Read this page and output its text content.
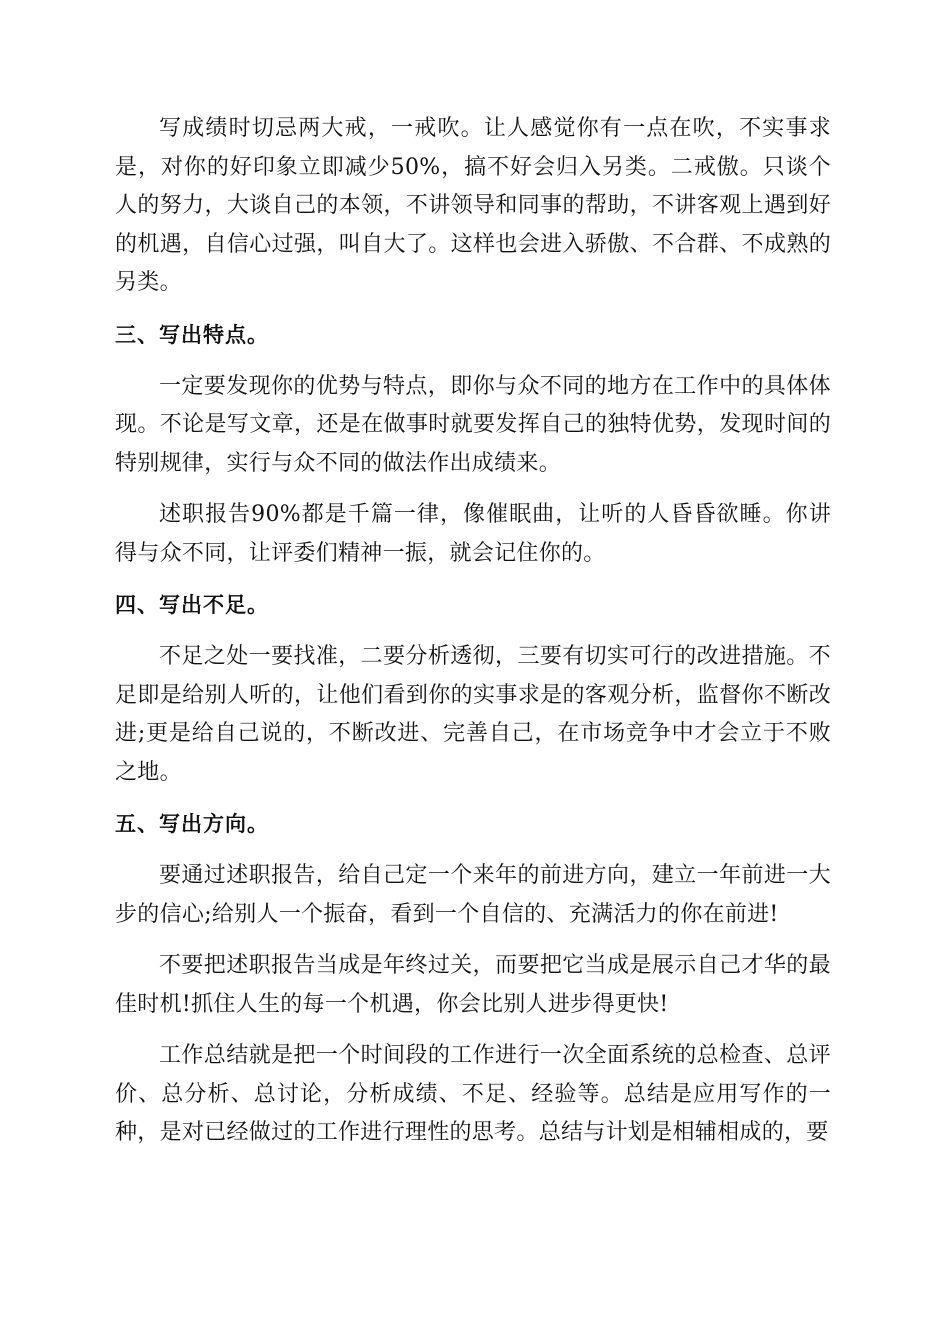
写成绩时切忌两大戒，一戒吹。让人感觉你有一点在吹，不实事求是，对你的好印象立即减少50%，搞不好会归入另类。二戒傲。只谈个人的努力，大谈自己的本领，不讲领导和同事的帮助，不讲客观上遇到好的机遇，自信心过强，叫自大了。这样也会进入骄傲、不合群、不成熟的另类。

三、写出特点。

一定要发现你的优势与特点，即你与众不同的地方在工作中的具体体现。不论是写文章，还是在做事时就要发挥自己的独特优势，发现时间的特别规律，实行与众不同的做法作出成绩来。

述职报告90%都是千篇一律，像催眠曲，让听的人昏昏欲睡。你讲得与众不同，让评委们精神一振，就会记住你的。

四、写出不足。

不足之处一要找准，二要分析透彻，三要有切实可行的改进措施。不足即是给别人听的，让他们看到你的实事求是的客观分析，监督你不断改进;更是给自己说的，不断改进、完善自己，在市场竞争中才会立于不败之地。

五、写出方向。

要通过述职报告，给自己定一个来年的前进方向，建立一年前进一大步的信心;给别人一个振奋，看到一个自信的、充满活力的你在前进!

不要把述职报告当成是年终过关，而要把它当成是展示自己才华的最佳时机!抓住人生的每一个机遇，你会比别人进步得更快!

工作总结就是把一个时间段的工作进行一次全面系统的总检查、总评价、总分析、总讨论，分析成绩、不足、经验等。总结是应用写作的一种，是对已经做过的工作进行理性的思考。总结与计划是相辅相成的，要
